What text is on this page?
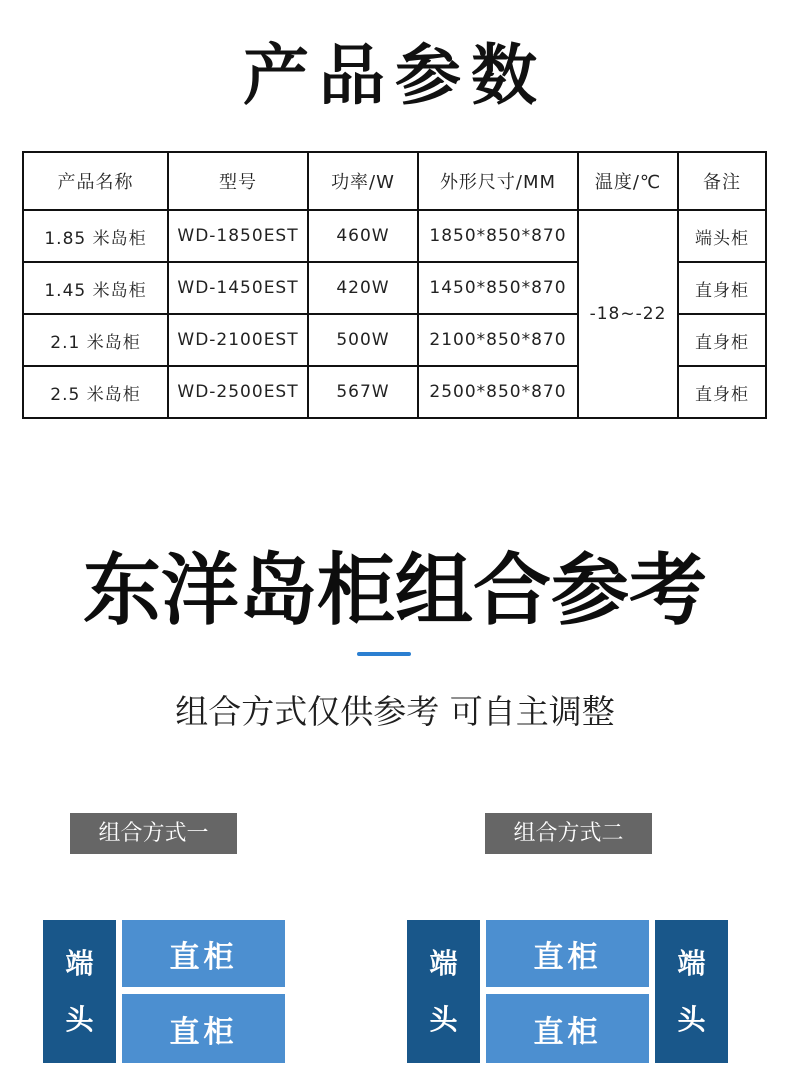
产品参数
产品名称	型号	功率/W	外形尺寸/MM	温度/℃	备注
1.85 米岛柜	WD-1850EST	460W	1850*850*870	-18~-22	端头柜
1.45 米岛柜	WD-1450EST	420W	1450*850*870		直身柜
2.1 米岛柜	WD-2100EST	500W	2100*850*870		直身柜
2.5 米岛柜	WD-2500EST	567W	2500*850*870		直身柜
东洋岛柜组合参考
组合方式仅供参考 可自主调整
组合方式一
端
头
直柜
直柜
组合方式二
端
头
直柜
直柜
端
头
